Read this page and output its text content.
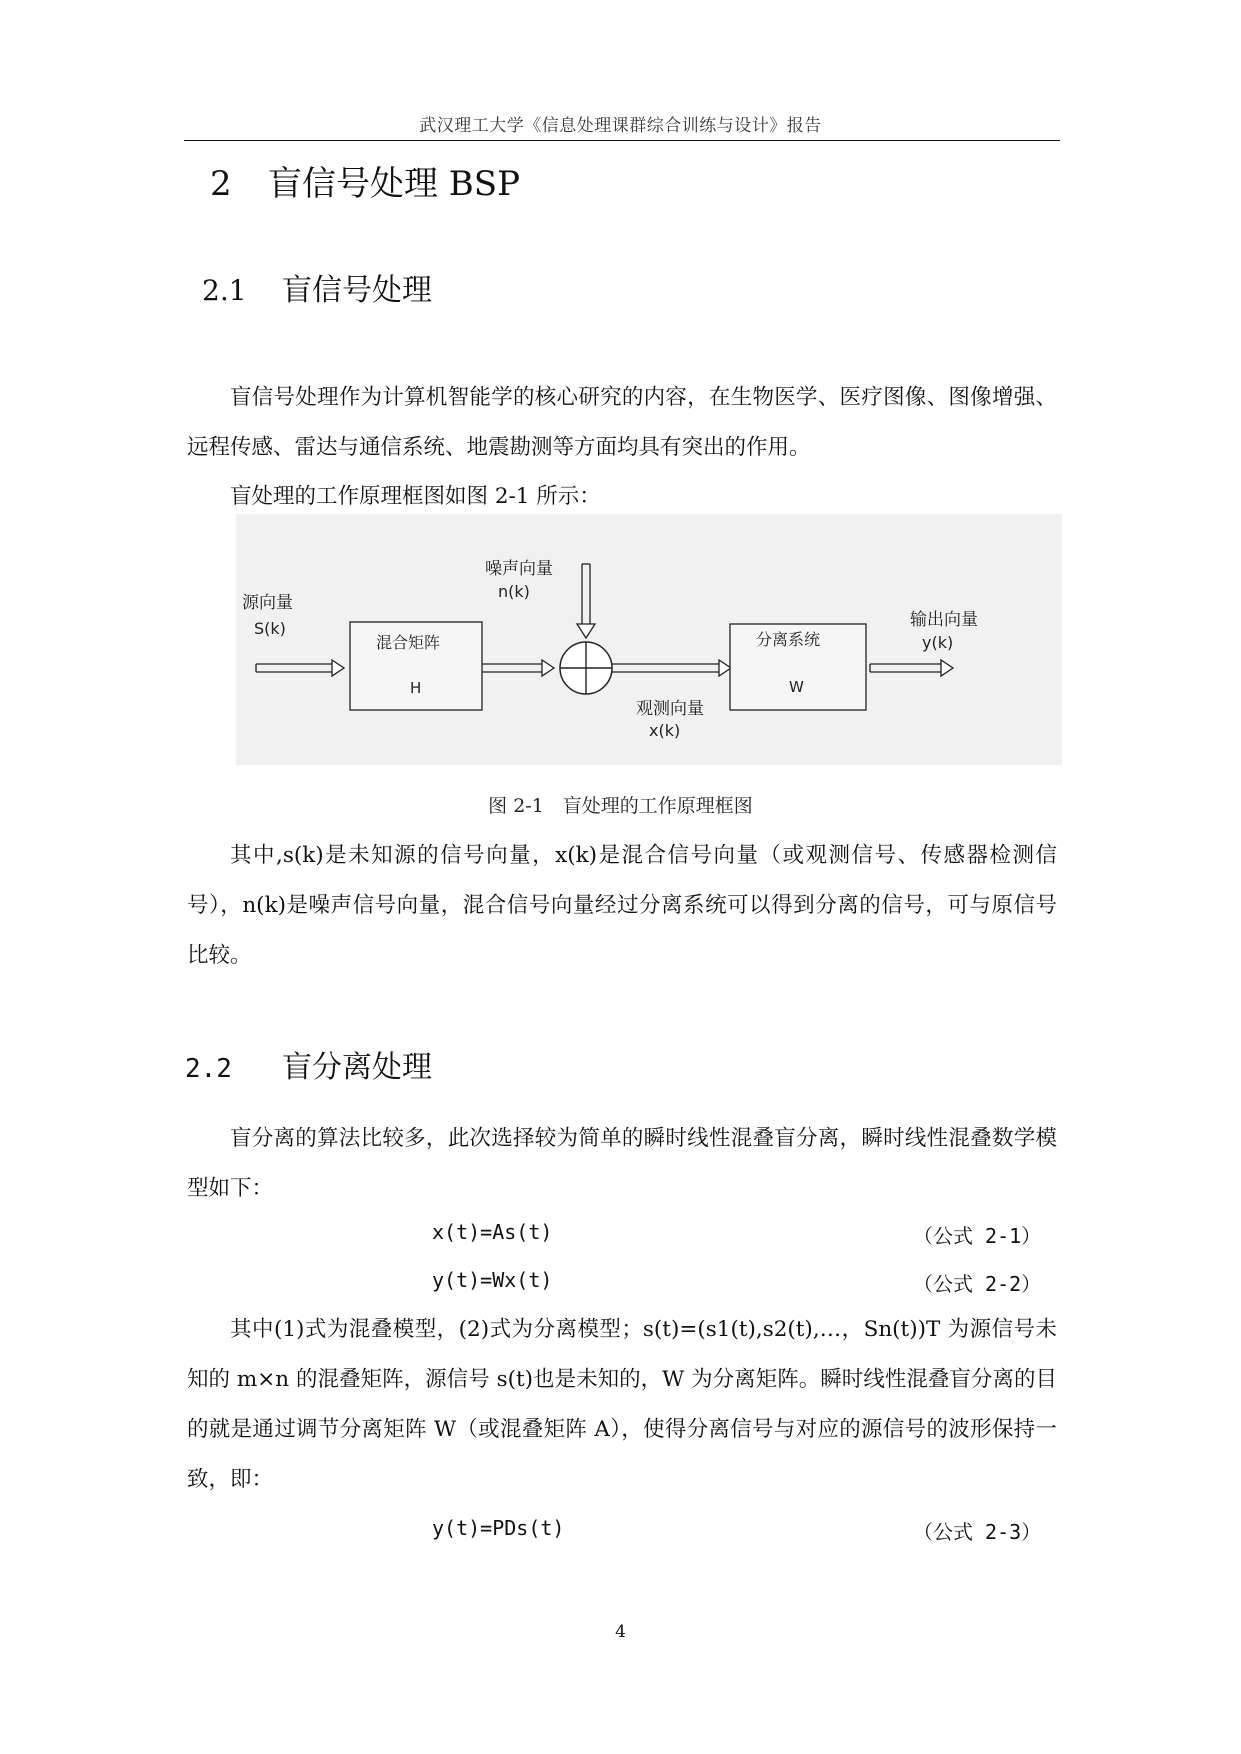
武汉理工大学《信息处理课群综合训练与设计》报告
2 盲信号处理 BSP
2.1 盲信号处理

盲信号处理作为计算机智能学的核心研究的内容，在生物医学、医疗图像、图像增强、远程传感、雷达与通信系统、地震勘测等方面均具有突出的作用。

盲处理的工作原理框图如图 2-1 所示：

源向量
S(k)
混合矩阵
H
噪声向量
n(k)
观测向量
x(k)
分离系统
W
输出向量
y(k)
图 2-1　盲处理的工作原理框图

其中,s(k)是未知源的信号向量，x(k)是混合信号向量（或观测信号、传感器检测信号），n(k)是噪声信号向量，混合信号向量经过分离系统可以得到分离的信号，可与原信号比较。

2.2 盲分离处理

盲分离的算法比较多，此次选择较为简单的瞬时线性混叠盲分离，瞬时线性混叠数学模型如下：

x(t)=As(t)	（公式 2-1）
y(t)=Wx(t)	（公式 2-2）

其中(1)式为混叠模型，(2)式为分离模型；s(t)=(s1(t),s2(t),…，Sn(t))T 为源信号未知的 m×n 的混叠矩阵，源信号 s(t)也是未知的，W 为分离矩阵。瞬时线性混叠盲分离的目的就是通过调节分离矩阵 W（或混叠矩阵 A），使得分离信号与对应的源信号的波形保持一致，即：

y(t)=PDs(t)	（公式 2-3）
4
